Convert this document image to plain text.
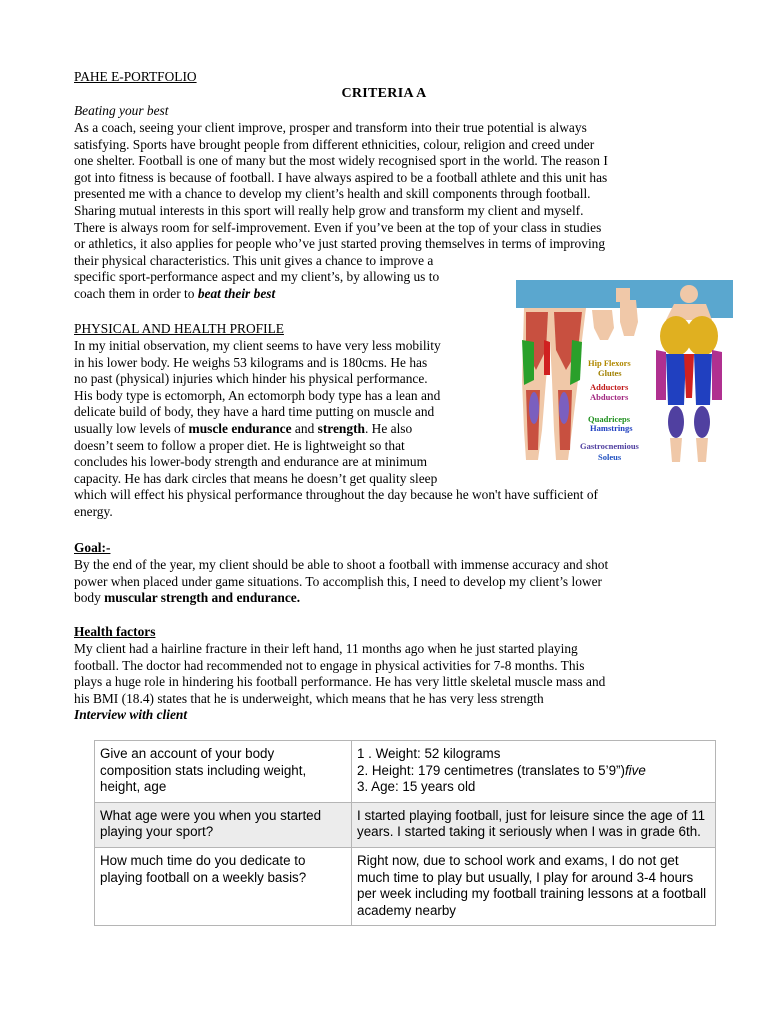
PAHE E-PORTFOLIO
CRITERIA A
Beating your best

As a coach, seeing your client improve, prosper and transform into their true potential is always

satisfying. Sports have brought people from different ethnicities, colour, religion and creed under

one shelter. Football is one of many but the most widely recognised sport in the world. The reason I

got into fitness is because of football. I have always aspired to be a football athlete and this unit has

presented me with a chance to develop my client’s health and skill components through football.

Sharing mutual interests in this sport will really help grow and transform my client and myself.

There is always room for self-improvement. Even if you’ve been at the top of your class in studies

or athletics, it also applies for people who’ve just started proving themselves in terms of improving

their physical characteristics. This unit gives a chance to improve a

specific sport-performance aspect and my client’s, by allowing us to

coach them in order to beat their best

PHYSICAL AND HEALTH PROFILE

In my initial observation, my client seems to have very less mobility

in his lower body. He weighs 53 kilograms and is 180cms. He has

no past (physical) injuries which hinder his physical performance.

His body type is ectomorph, An ectomorph body type has a lean and

delicate build of body, they have a hard time putting on muscle and

usually low levels of muscle endurance and strength. He also

doesn’t seem to follow a proper diet. He is lightweight so that

concludes his lower-body strength and endurance are at minimum

capacity. He has dark circles that means he doesn’t get quality sleep

which will effect his physical performance throughout the day because he won't have sufficient of

energy.

Hip Flexors
Glutes
Adductors
Abductors
Quadriceps
Hamstrings
Gastrocnemious
Soleus
Goal:-

By the end of the year, my client should be able to shoot a football with immense accuracy and shot

power when placed under game situations. To accomplish this, I need to develop my client’s lower

body muscular strength and endurance.

Health factors

My client had a hairline fracture in their left hand, 11 months ago when he just started playing

football. The doctor had recommended not to engage in physical activities for 7-8 months. This

plays a huge role in hindering his football performance. He has very little skeletal muscle mass and

his BMI (18.4) states that he is underweight, which means that he has very less strength

Interview with client

Give an account of your body composition stats including weight, height, age	1 . Weight: 52 kilograms
2. Height: 179 centimetres (translates to 5’9”)five
3. Age: 15 years old

What age were you when you started playing your sport?	I started playing football, just for leisure since the age of 11 years. I started taking it seriously when I was in grade 6th.
How much time do you dedicate to playing football on a weekly basis?	Right now, due to school work and exams, I do not get much time to play but usually, I play for around 3-4 hours per week including my football training lessons at a football academy nearby
